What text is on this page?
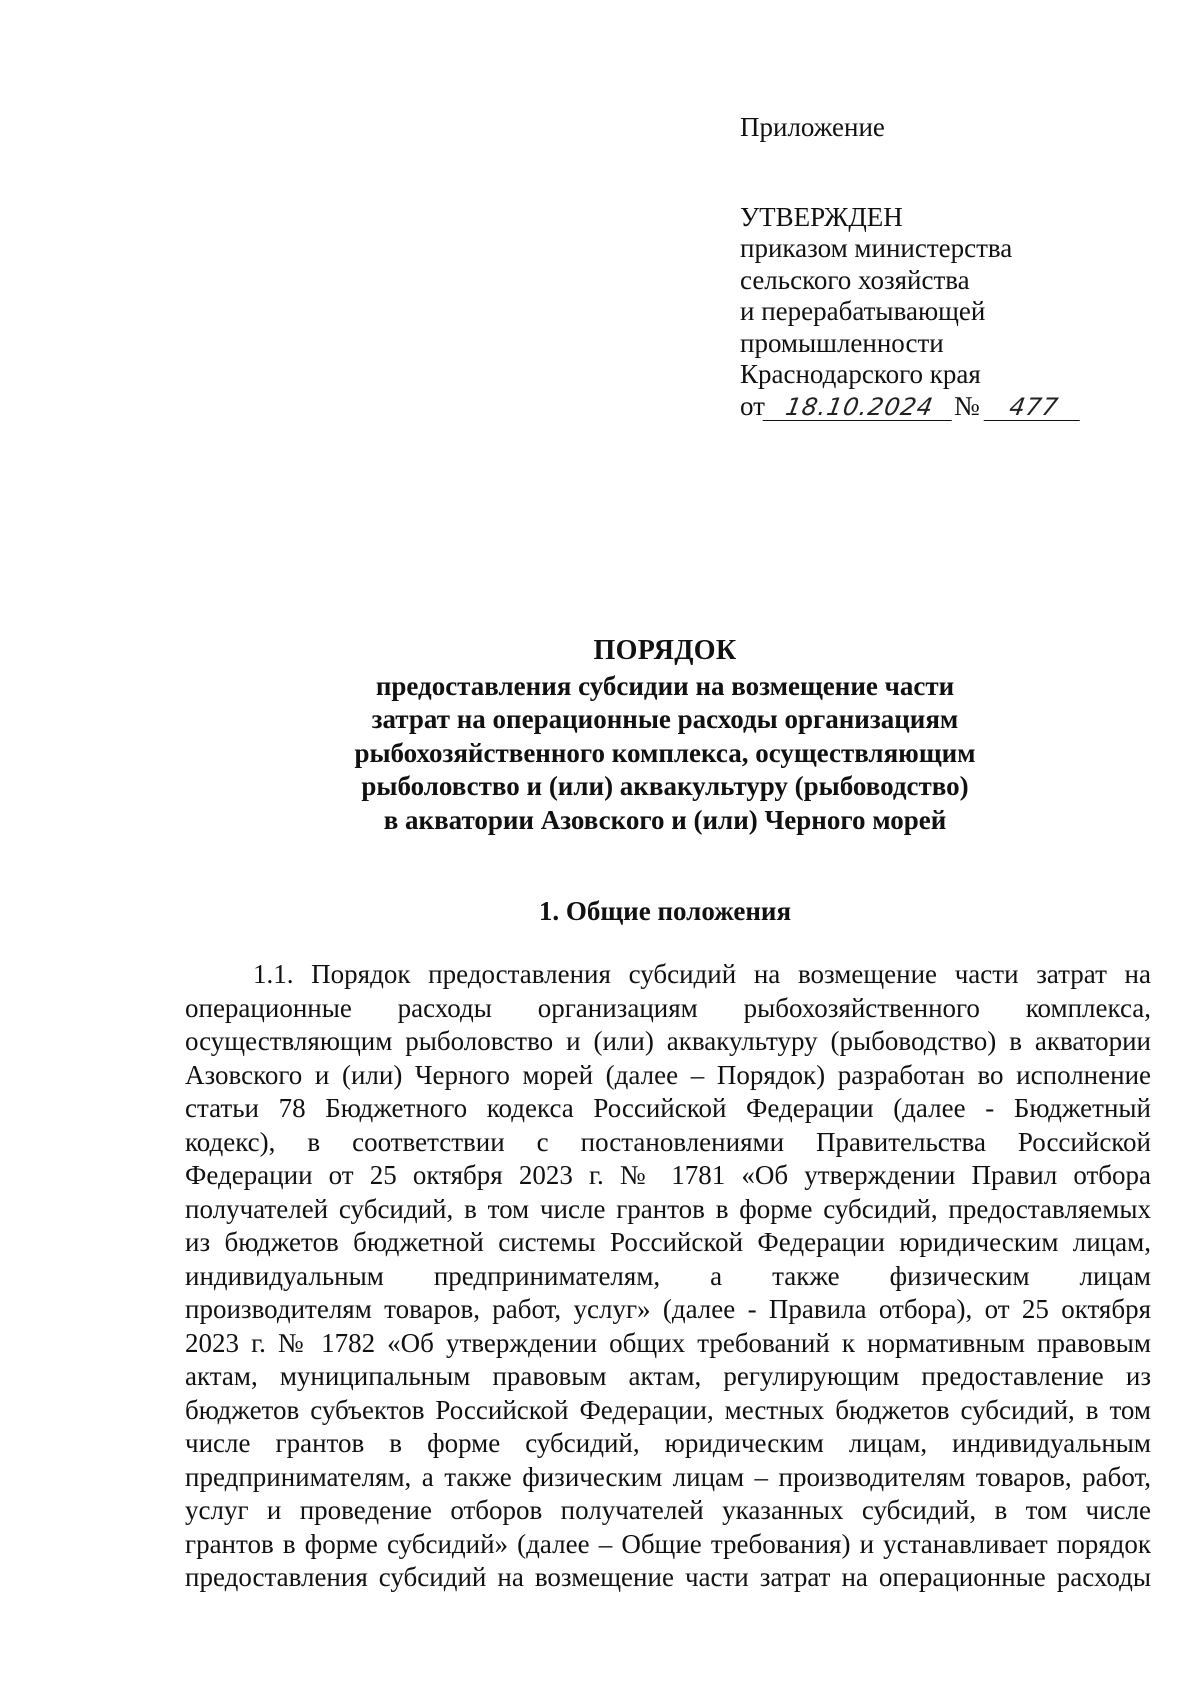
Приложение
УТВЕРЖДЕН
приказом министерства
сельского хозяйства
и перерабатывающей
промышленности
Краснодарского края
от 18.10.2024 № 477
ПОРЯДОК
предоставления субсидии на возмещение части
затрат на операционные расходы организациям
рыбохозяйственного комплекса, осуществляющим
рыболовство и (или) аквакультуру (рыбоводство)
в акватории Азовского и (или) Черного морей
1. Общие положения
1.1. Порядок предоставления субсидий на возмещение части затрат на
операционные расходы организациям рыбохозяйственного комплекса,
осуществляющим рыболовство и (или) аквакультуру (рыбоводство) в акватории
Азовского и (или) Черного морей (далее – Порядок) разработан во исполнение
статьи 78 Бюджетного кодекса Российской Федерации (далее - Бюджетный
кодекс), в соответствии с постановлениями Правительства Российской
Федерации от 25 октября 2023 г. № 1781 «Об утверждении Правил отбора
получателей субсидий, в том числе грантов в форме субсидий, предоставляемых
из бюджетов бюджетной системы Российской Федерации юридическим лицам,
индивидуальным предпринимателям, а также физическим лицам
производителям товаров, работ, услуг» (далее - Правила отбора), от 25 октября
2023 г. № 1782 «Об утверждении общих требований к нормативным правовым
актам, муниципальным правовым актам, регулирующим предоставление из
бюджетов субъектов Российской Федерации, местных бюджетов субсидий, в том
числе грантов в форме субсидий, юридическим лицам, индивидуальным
предпринимателям, а также физическим лицам – производителям товаров, работ,
услуг и проведение отборов получателей указанных субсидий, в том числе
грантов в форме субсидий» (далее – Общие требования) и устанавливает порядок
предоставления субсидий на возмещение части затрат на операционные расходы
